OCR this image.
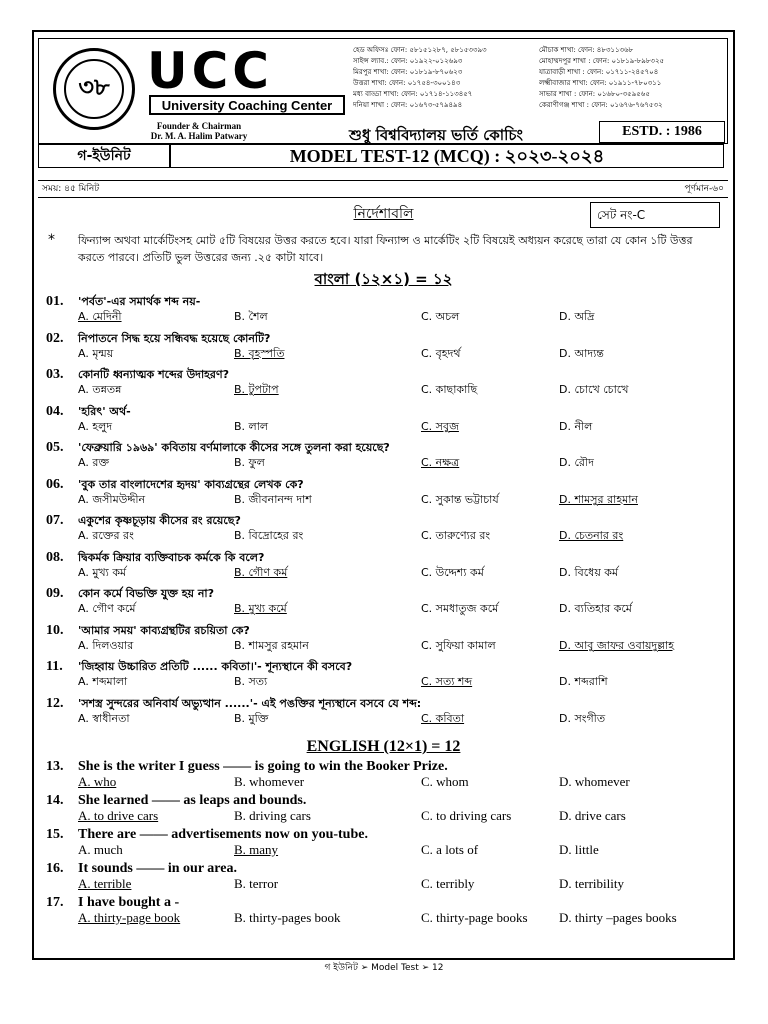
৩৮ UCC
University Coaching Center
Founder & Chairman
Dr. M. A. Halim Patwary
হেড অফিসঃ ফোন: ৫৮১৫১২৮৭, ৫৮১৫৩৩৯৩	মৌচাক শাখা: ফোন: ৪৮৩১১৩৬৮
সাইন্স ল্যাব.: ফোন: ০১৯২২-০১২৬৯৩	মোহাম্মদপুর শাখা : ফোন: ০১৮১৯-৮৯৮৩২৫
মিরপুর শাখা: ফোন: ০১৮১৯-৮৭০৬২৩	যাত্রাবাড়ী শাখা : ফোন: ০১৭১১-২৪৫৭০৪
উত্তরা শাখা: ফোন: ০১৭৫৪-৩০০১৪৩	লক্ষ্মীবাজার শাখা: ফোন: ০১৯১১-৭৮০৩১১
মধ্য বাড্ডা শাখা: ফোন: ০১৭১৪-১১৩৪৫৭	সাভার শাখা : ফোন: ০১৬৮০-৩৫৯৫৬৫
দনিয়া শাখা : ফোন: ০১৬৭৩-৫৭৯৪৯৪	কেরাণীগঞ্জ শাখা : ফোন: ০১৬৭৬-৭৬৭৫৩২
শুধু বিশ্ববিদ্যালয় ভর্তি কোচিং	ESTD. : 1986
গ-ইউনিট	MODEL TEST-12 (MCQ) : ২০২৩-২০২৪
সময়: ৪৫ মিনিট	পূর্ণমান-৬০
নির্দেশাবলি	সেট নং-C
* ফিন্যান্স অথবা মার্কেটিংসহ মোট ৫টি বিষয়ের উত্তর করতে হবে। যারা ফিন্যান্স ও মার্কেটিং ২টি বিষয়েই অধ্যয়ন করেছে তারা যে কোন ১টি উত্তর করতে পারবে। প্রতিটি ভুল উত্তরের জন্য .২৫ কাটা যাবে।
বাংলা (১২×১) = ১২
01. 'পর্বত'-এর সমার্থক শব্দ নয়-
A. মেদিনী	B. শৈল	C. অচল	D. অদ্রি
02. নিপাতনে সিদ্ধ হয়ে সন্ধিবদ্ধ হয়েছে কোনটি?
A. মৃন্ময়	B. বৃহস্পতি	C. বৃহদর্থ	D. আদ্যন্ত
03. কোনটি ধ্বন্যাত্মক শব্দের উদাহরণ?
A. তন্নতন্ন	B. টুপটাপ	C. কাছাকাছি	D. চোখে চোখে
04. 'হরিৎ' অর্থ-
A. হলুদ	B. লাল	C. সবুজ	D. নীল
05. 'ফেব্রুয়ারি ১৯৬৯' কবিতায় বর্ণমালাকে কীসের সঙ্গে তুলনা করা হয়েছে?
A. রক্ত	B. ফুল	C. নক্ষত্র	D. রৌদ
06. 'বুক তার বাংলাদেশের হৃদয়' কাব্যগ্রন্থের লেখক কে?
A. জসীমউদ্দীন	B. জীবনানন্দ দাশ	C. সুকান্ত ভট্টাচার্য	D. শামসুর রাহমান
07. একুশের কৃষ্ণচূড়ায় কীসের রং রয়েছে?
A. রক্তের রং	B. বিদ্রোহের রং	C. তারুণ্যের রং	D. চেতনার রং
08. দ্বিকর্মক ক্রিয়ার ব্যক্তিবাচক কর্মকে কি বলে?
A. মুখ্য কর্ম	B. গৌণ কর্ম	C. উদ্দেশ্য কর্ম	D. বিধেয় কর্ম
09. কোন কর্মে বিভক্তি যুক্ত হয় না?
A. গৌণ কর্মে	B. মুখ্য কর্মে	C. সমধাতুজ কর্মে	D. ব্যতিহার কর্মে
10. 'আমার সময়' কাব্যগ্রন্থটির রচয়িতা কে?
A. দিলওয়ার	B. শামসুর রহমান	C. সুফিয়া কামাল	D. আবু জাফর ওবায়দুল্লাহ
11. 'জিহ্বায় উচ্চারিত প্রতিটি ...... কবিতা।'- শূন্যস্থানে কী বসবে?
A. শব্দমালা	B. সত্য	C. সত্য শব্দ	D. শব্দরাশি
12. 'সশস্ত্র সুন্দরের অনিবার্য অভ্যুত্থান ......'- এই পঙক্তির শূন্যস্থানে বসবে যে শব্দ:
A. স্বাধীনতা	B. মুক্তি	C. কবিতা	D. সংগীত
ENGLISH (12×1) = 12
13. She is the writer I guess —— is going to win the Booker Prize.
A. who	B. whomever	C. whom	D. whomever
14. She learned —— as leaps and bounds.
A. to drive cars	B. driving cars	C. to driving cars	D. drive cars
15. There are —— advertisements now on you-tube.
A. much	B. many	C. a lots of	D. little
16. It sounds —— in our area.
A. terrible	B. terror	C. terribly	D. terribility
17. I have bought a -
A. thirty-page book	B. thirty-pages book	C. thirty-page books D. thirty –pages books
গ ইউনিট ➢ Model Test ➢ 12
